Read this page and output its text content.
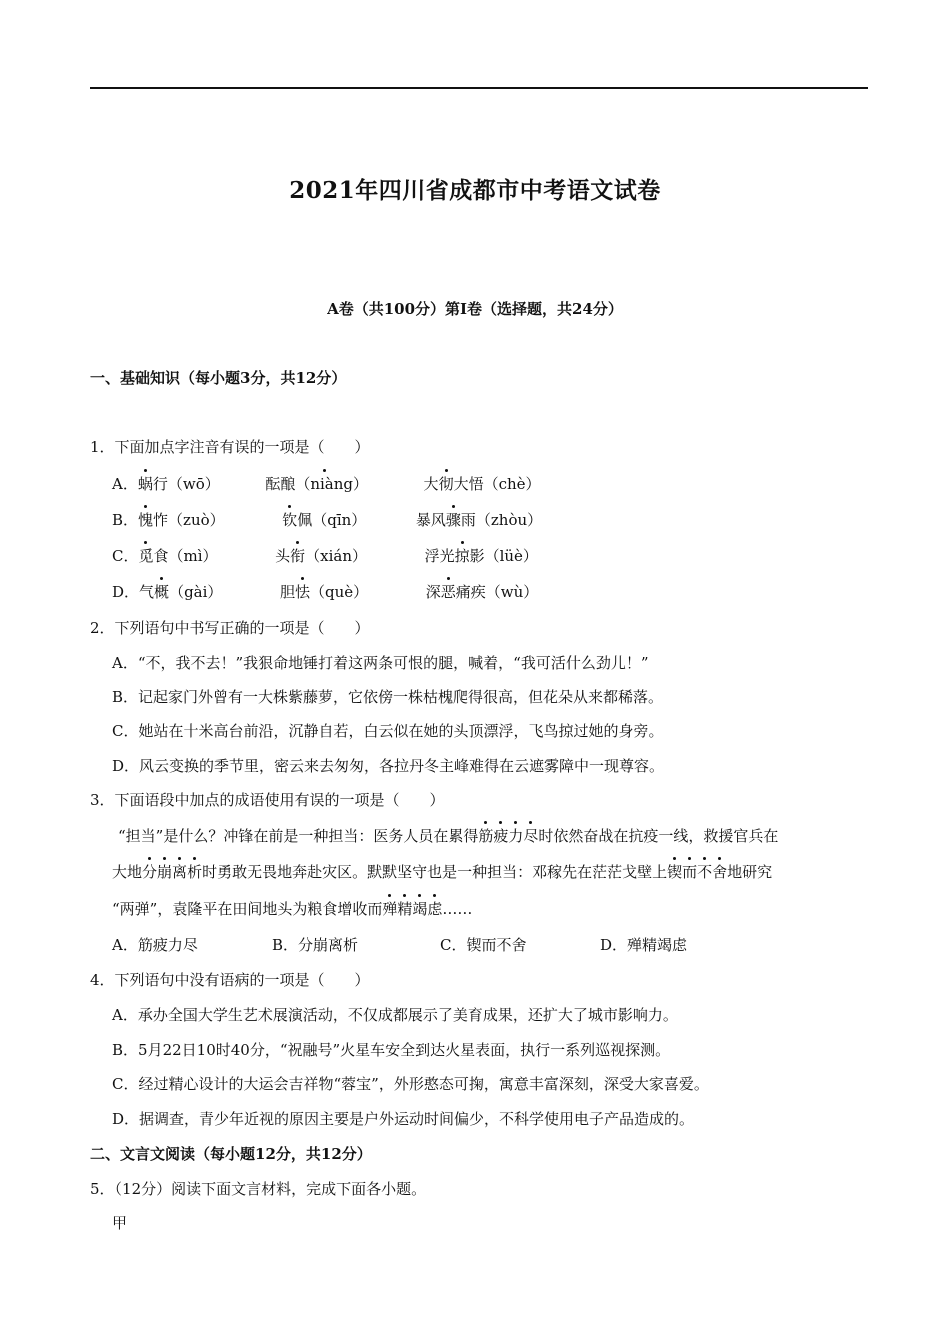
2021年四川省成都市中考语文试卷
A卷（共100分）第Ⅰ卷（选择题，共24分）
一、基础知识（每小题3分，共12分）
1．下面加点字注音有误的一项是（　　）
A．蜗行（wō）	酝酿（niàng）	大彻大悟（chè）
B．愧怍（zuò）	钦佩（qīn）	暴风骤雨（zhòu）
C．觅食（mì）	头衔（xián）	浮光掠影（lüè）
D．气概（gài）	胆怯（què）	深恶痛疾（wù）
2．下列语句中书写正确的一项是（　　）
A．“不，我不去！”我狠命地锤打着这两条可恨的腿，喊着，“我可活什么劲儿！”
B．记起家门外曾有一大株紫藤萝，它依傍一株枯槐爬得很高，但花朵从来都稀落。
C．她站在十米高台前沿，沉静自若，白云似在她的头顶漂浮，飞鸟掠过她的身旁。
D．风云变换的季节里，密云来去匆匆，各拉丹冬主峰难得在云遮雾障中一现尊容。
3．下面语段中加点的成语使用有误的一项是（　　）
“担当”是什么？冲锋在前是一种担当：医务人员在累得筋疲力尽时依然奋战在抗疫一线，救援官兵在
大地分崩离析时勇敢无畏地奔赴灾区。默默坚守也是一种担当：邓稼先在茫茫戈壁上锲而不舍地研究
“两弹”，袁隆平在田间地头为粮食增收而殚精竭虑……
A．筋疲力尽	B．分崩离析	C．锲而不舍	D．殚精竭虑
4．下列语句中没有语病的一项是（　　）
A．承办全国大学生艺术展演活动，不仅成都展示了美育成果，还扩大了城市影响力。
B．5月22日10时40分，“祝融号”火星车安全到达火星表面，执行一系列巡视探测。
C．经过精心设计的大运会吉祥物“蓉宝”，外形憨态可掬，寓意丰富深刻，深受大家喜爱。
D．据调查，青少年近视的原因主要是户外运动时间偏少，不科学使用电子产品造成的。
二、文言文阅读（每小题12分，共12分）
5．（12分）阅读下面文言材料，完成下面各小题。
甲
